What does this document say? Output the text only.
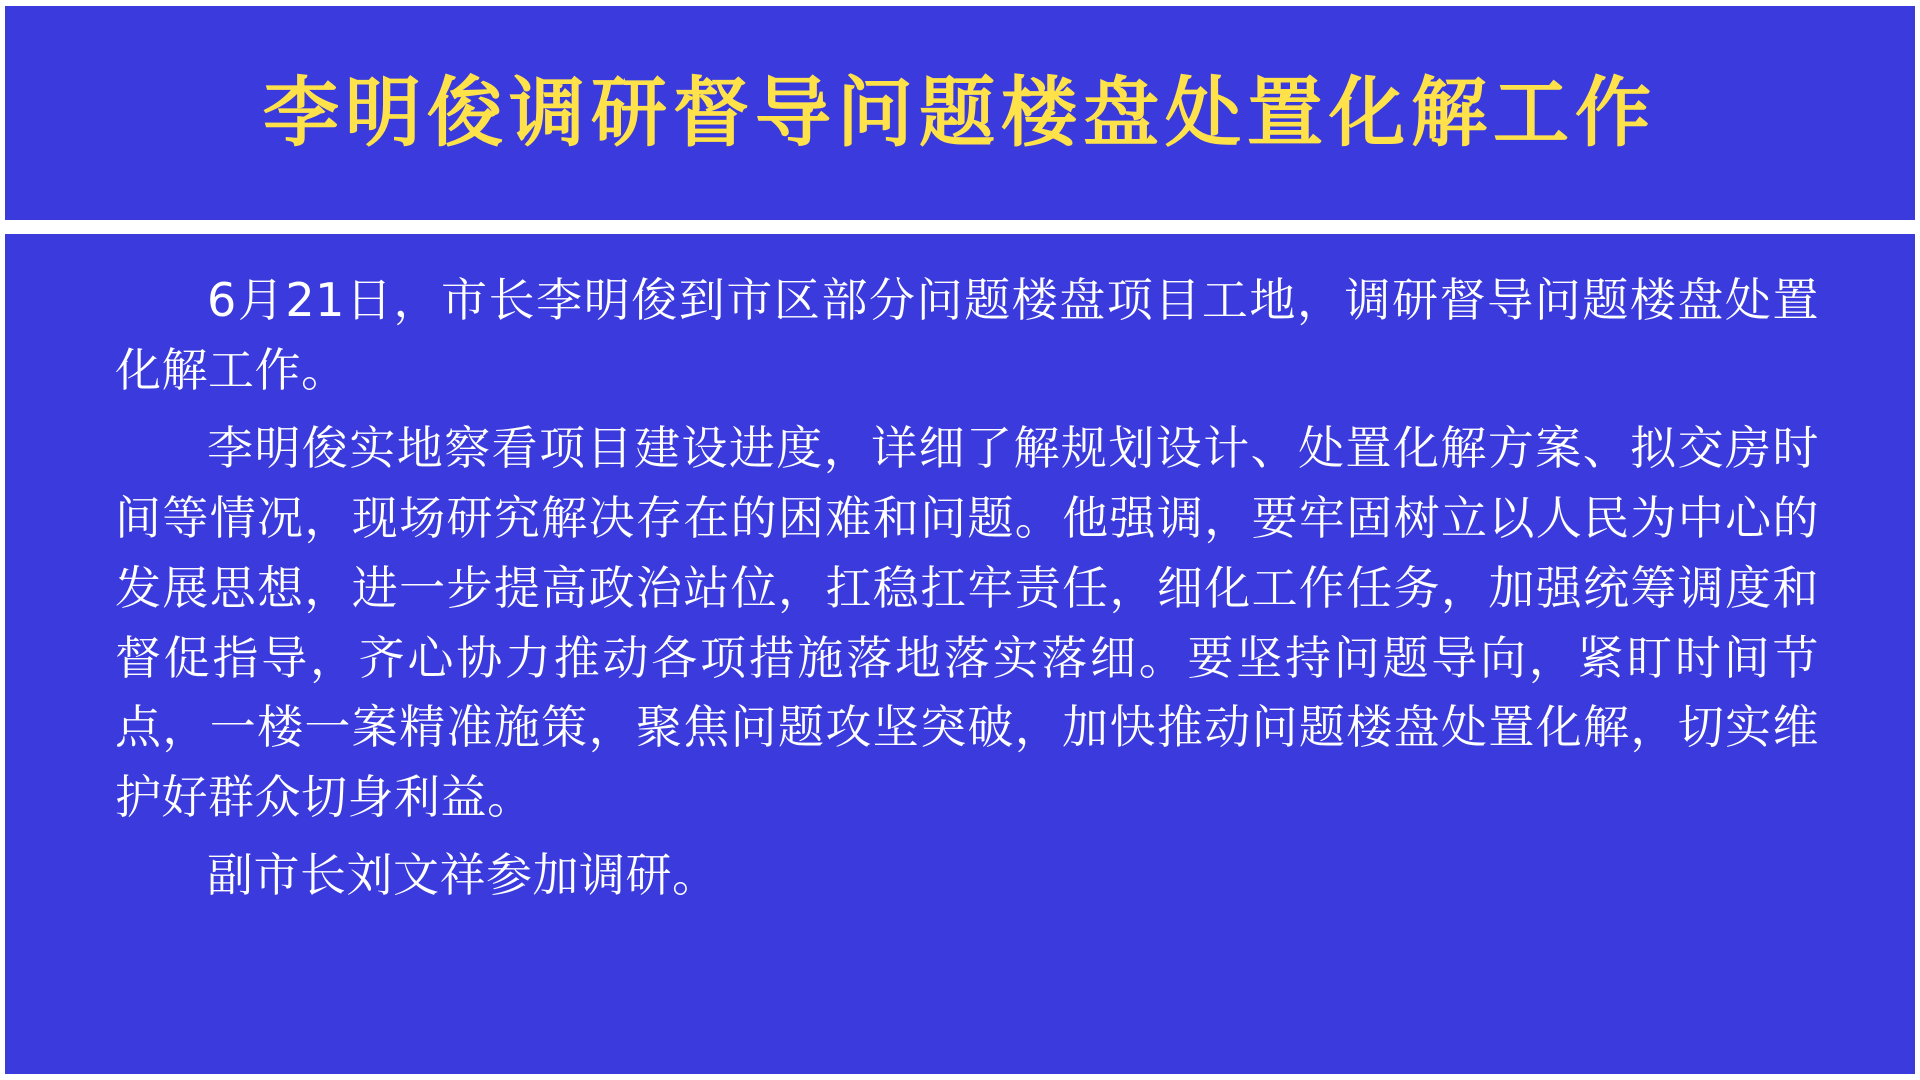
李明俊调研督导问题楼盘处置化解工作

6月21日，市长李明俊到市区部分问题楼盘项目工地，调研督导问题楼盘处置化解工作。

李明俊实地察看项目建设进度，详细了解规划设计、处置化解方案、拟交房时间等情况，现场研究解决存在的困难和问题。他强调，要牢固树立以人民为中心的发展思想，进一步提高政治站位，扛稳扛牢责任，细化工作任务，加强统筹调度和督促指导，齐心协力推动各项措施落地落实落细。要坚持问题导向，紧盯时间节点，一楼一案精准施策，聚焦问题攻坚突破，加快推动问题楼盘处置化解，切实维护好群众切身利益。

副市长刘文祥参加调研。
